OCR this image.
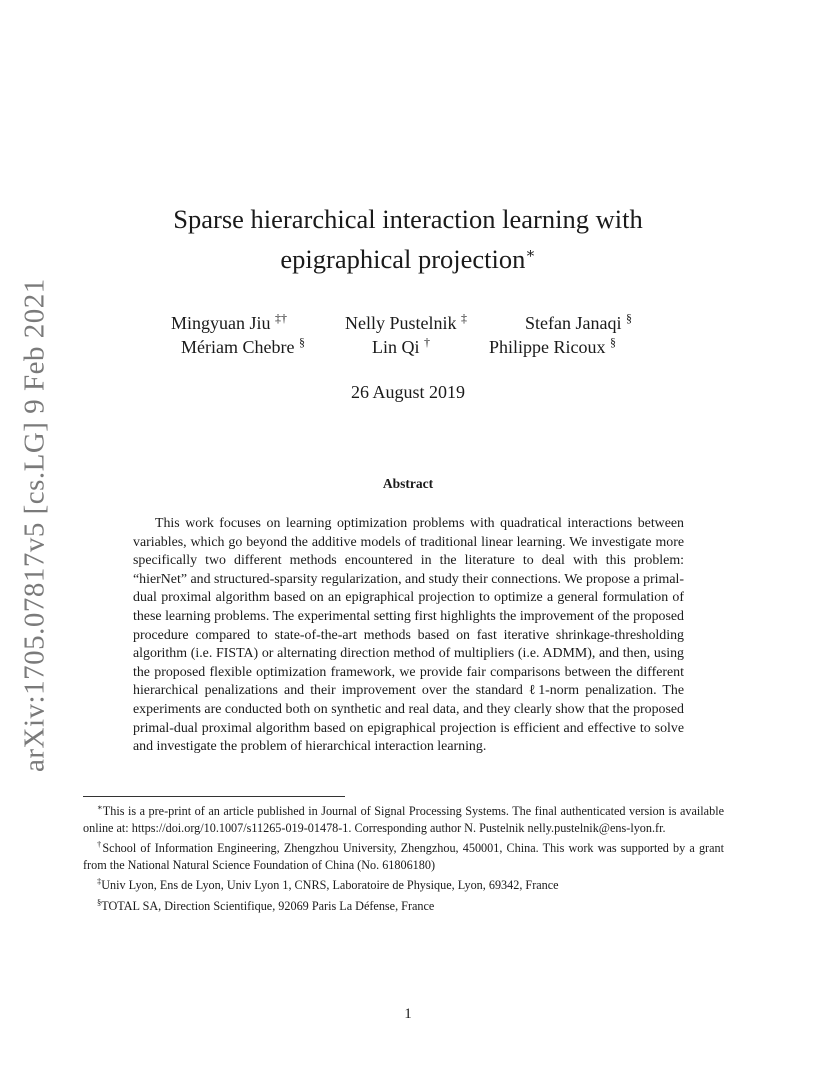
arXiv:1705.07817v5 [cs.LG] 9 Feb 2021
Sparse hierarchical interaction learning with
epigraphical projection∗
Mingyuan Jiu ‡†	Nelly Pustelnik ‡	Stefan Janaqi §
Mériam Chebre §	Lin Qi †	Philippe Ricoux §
26 August 2019
Abstract

This work focuses on learning optimization problems with quadratical interactions between variables, which go beyond the additive models of traditional linear learning. We investigate more specifically two different methods encountered in the literature to deal with this problem: “hierNet” and structured-sparsity regularization, and study their connections. We propose a primal-dual proximal algorithm based on an epigraphical projection to optimize a general formulation of these learning problems. The experimental setting first highlights the improvement of the proposed procedure compared to state-of-the-art methods based on fast iterative shrinkage-thresholding algorithm (i.e. FISTA) or alternating direction method of multipliers (i.e. ADMM), and then, using the proposed flexible optimization framework, we provide fair comparisons between the different hierarchical penalizations and their improvement over the standard ℓ1-norm penalization. The experiments are conducted both on synthetic and real data, and they clearly show that the proposed primal-dual proximal algorithm based on epigraphical projection is efficient and effective to solve and investigate the problem of hierarchical interaction learning.

∗This is a pre-print of an article published in Journal of Signal Processing Systems. The final authenticated version is available online at: https://doi.org/10.1007/s11265-019-01478-1. Corresponding author N. Pustelnik nelly.pustelnik@ens-lyon.fr.

†School of Information Engineering, Zhengzhou University, Zhengzhou, 450001, China. This work was supported by a grant from the National Natural Science Foundation of China (No. 61806180)

‡Univ Lyon, Ens de Lyon, Univ Lyon 1, CNRS, Laboratoire de Physique, Lyon, 69342, France

§TOTAL SA, Direction Scientifique, 92069 Paris La Défense, France

1
